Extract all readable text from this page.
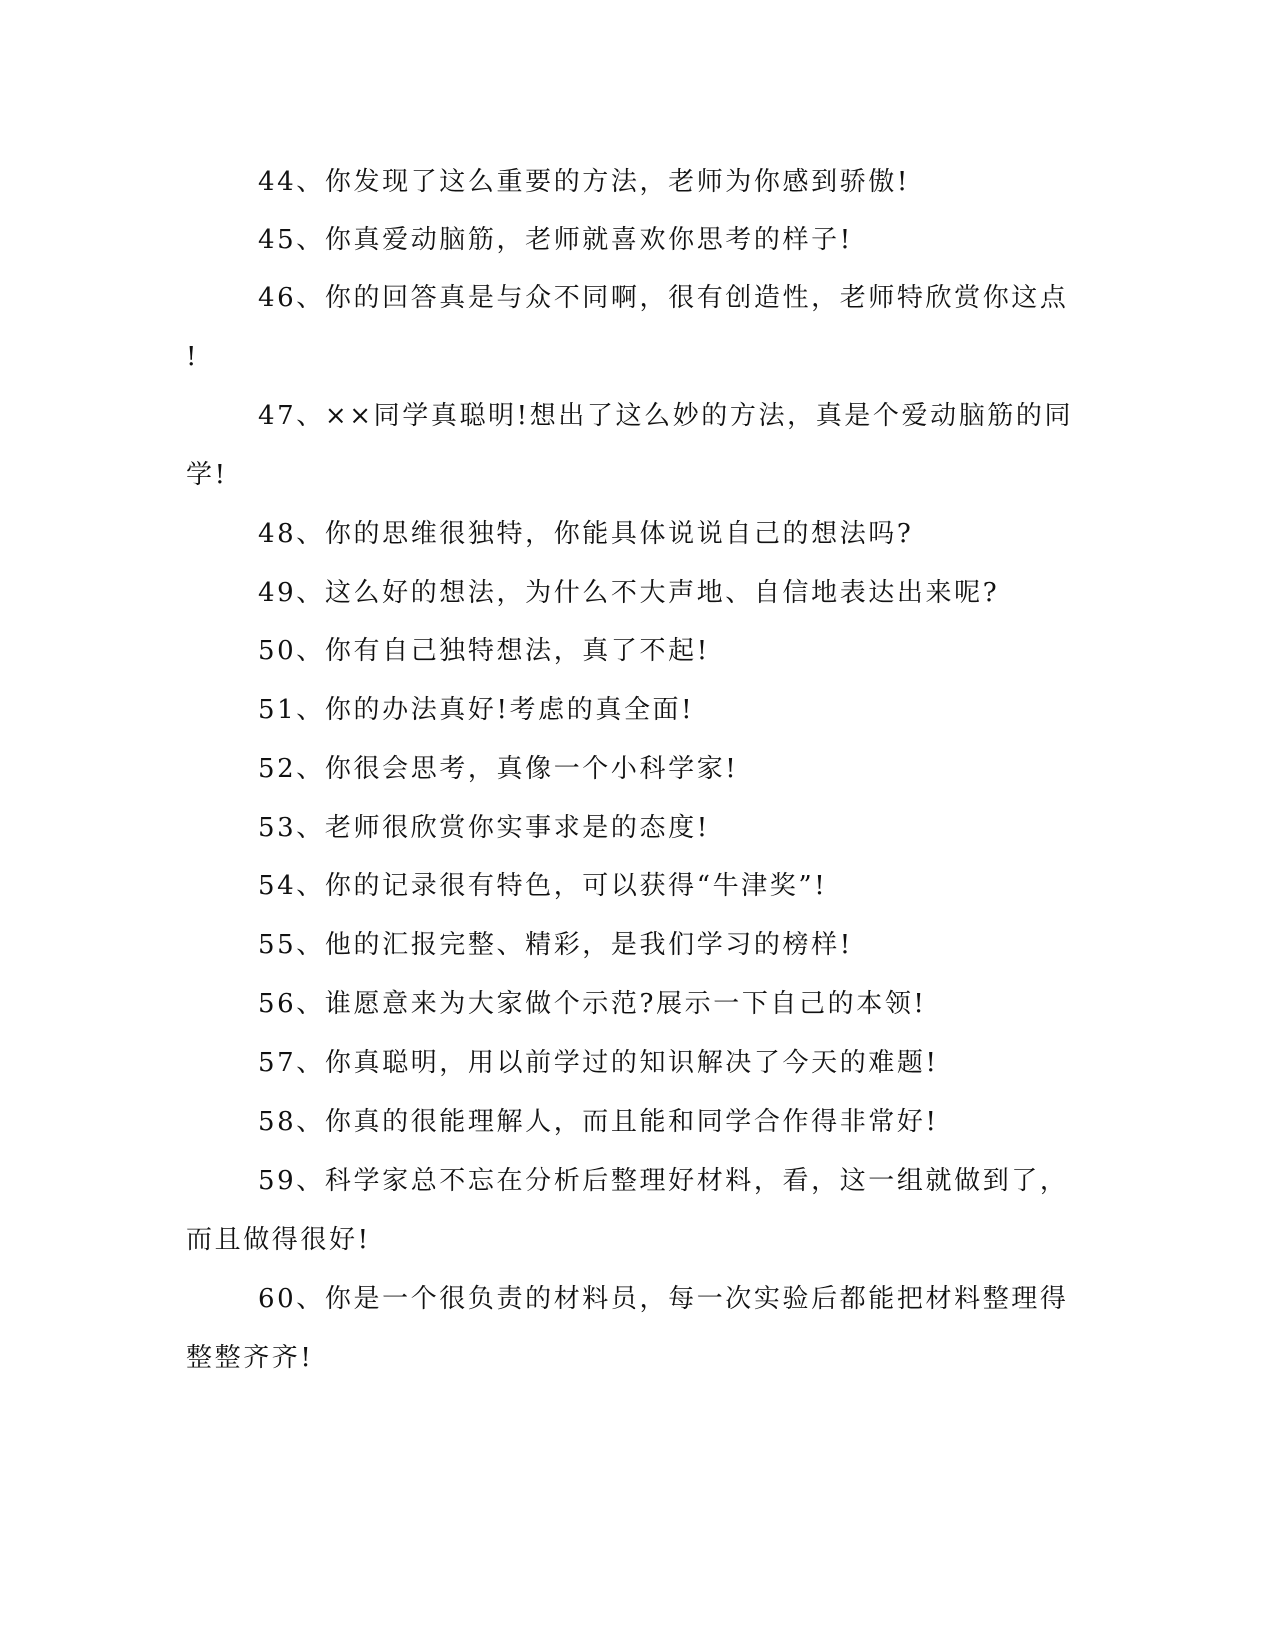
44、你发现了这么重要的方法，老师为你感到骄傲!
45、你真爱动脑筋，老师就喜欢你思考的样子!
46、你的回答真是与众不同啊，很有创造性，老师特欣赏你这点
!
47、××同学真聪明!想出了这么妙的方法，真是个爱动脑筋的同
学!
48、你的思维很独特，你能具体说说自己的想法吗?
49、这么好的想法，为什么不大声地、自信地表达出来呢?
50、你有自己独特想法，真了不起!
51、你的办法真好!考虑的真全面!
52、你很会思考，真像一个小科学家!
53、老师很欣赏你实事求是的态度!
54、你的记录很有特色，可以获得“牛津奖”!
55、他的汇报完整、精彩，是我们学习的榜样!
56、谁愿意来为大家做个示范?展示一下自己的本领!
57、你真聪明，用以前学过的知识解决了今天的难题!
58、你真的很能理解人，而且能和同学合作得非常好!
59、科学家总不忘在分析后整理好材料，看，这一组就做到了，
而且做得很好!
60、你是一个很负责的材料员，每一次实验后都能把材料整理得
整整齐齐!
